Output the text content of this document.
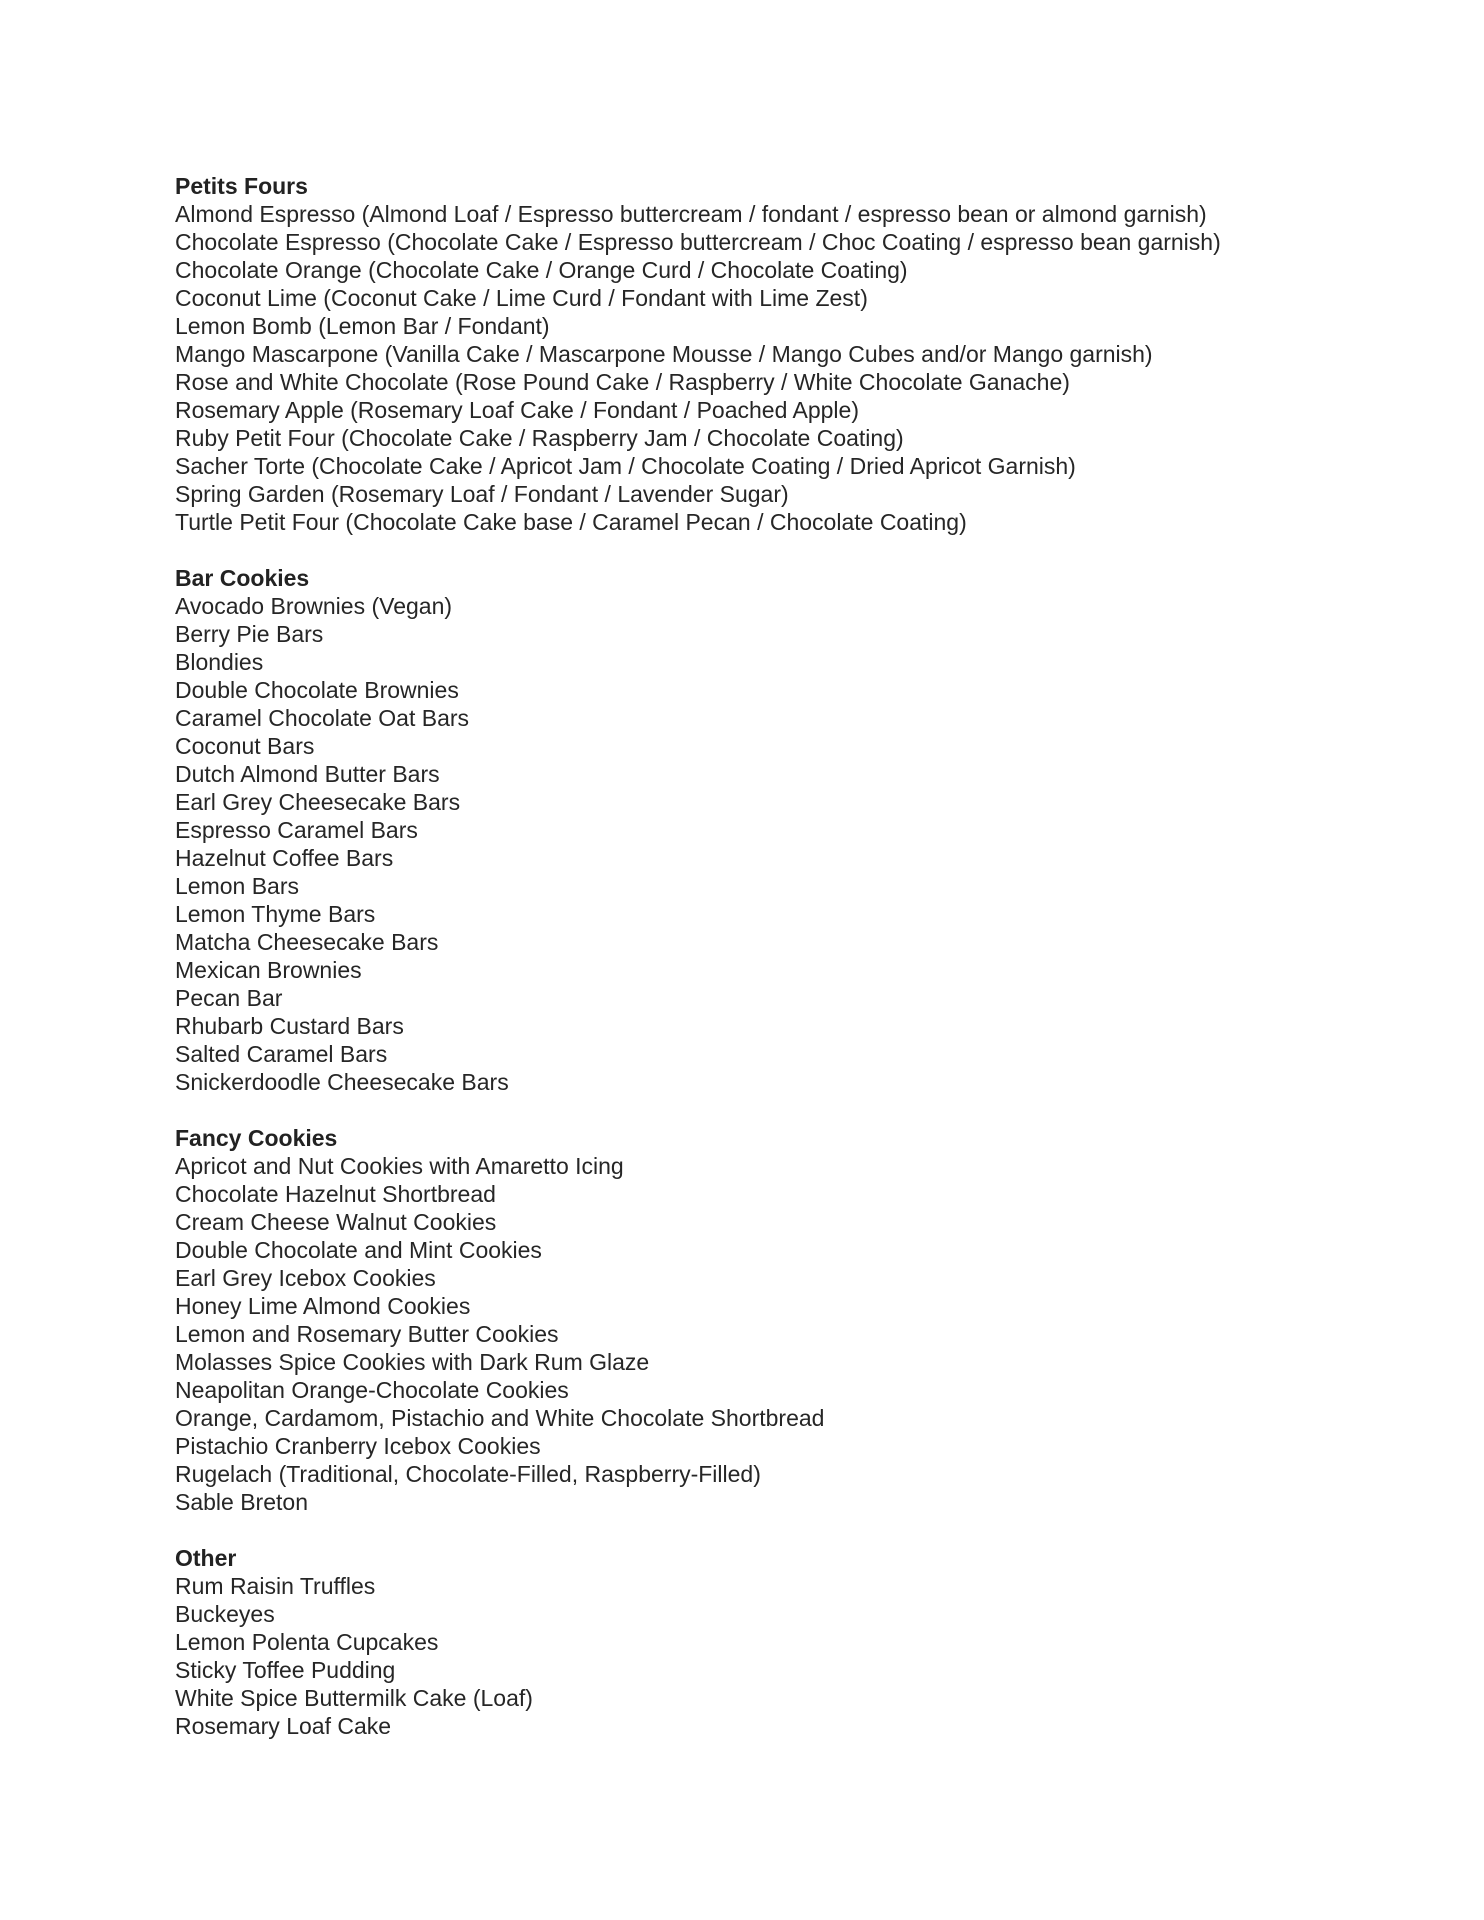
Petits Fours
Almond Espresso (Almond Loaf / Espresso buttercream / fondant / espresso bean or almond garnish)
Chocolate Espresso (Chocolate Cake / Espresso buttercream / Choc Coating / espresso bean garnish)
Chocolate Orange (Chocolate Cake / Orange Curd / Chocolate Coating)
Coconut Lime (Coconut Cake / Lime Curd / Fondant with Lime Zest)
Lemon Bomb (Lemon Bar / Fondant)
Mango Mascarpone (Vanilla Cake / Mascarpone Mousse / Mango Cubes and/or Mango garnish)
Rose and White Chocolate (Rose Pound Cake / Raspberry / White Chocolate Ganache)
Rosemary Apple (Rosemary Loaf Cake / Fondant / Poached Apple)
Ruby Petit Four (Chocolate Cake / Raspberry Jam / Chocolate Coating)
Sacher Torte (Chocolate Cake / Apricot Jam / Chocolate Coating / Dried Apricot Garnish)
Spring Garden (Rosemary Loaf / Fondant / Lavender Sugar)
Turtle Petit Four (Chocolate Cake base / Caramel Pecan / Chocolate Coating)
Bar Cookies
Avocado Brownies (Vegan)
Berry Pie Bars
Blondies
Double Chocolate Brownies
Caramel Chocolate Oat Bars
Coconut Bars
Dutch Almond Butter Bars
Earl Grey Cheesecake Bars
Espresso Caramel Bars
Hazelnut Coffee Bars
Lemon Bars
Lemon Thyme Bars
Matcha Cheesecake Bars
Mexican Brownies
Pecan Bar
Rhubarb Custard Bars
Salted Caramel Bars
Snickerdoodle Cheesecake Bars
Fancy Cookies
Apricot and Nut Cookies with Amaretto Icing
Chocolate Hazelnut Shortbread
Cream Cheese Walnut Cookies
Double Chocolate and Mint Cookies
Earl Grey Icebox Cookies
Honey Lime Almond Cookies
Lemon and Rosemary Butter Cookies
Molasses Spice Cookies with Dark Rum Glaze
Neapolitan Orange-Chocolate Cookies
Orange, Cardamom, Pistachio and White Chocolate Shortbread
Pistachio Cranberry Icebox Cookies
Rugelach (Traditional, Chocolate-Filled, Raspberry-Filled)
Sable Breton
Other
Rum Raisin Truffles
Buckeyes
Lemon Polenta Cupcakes
Sticky Toffee Pudding
White Spice Buttermilk Cake (Loaf)
Rosemary Loaf Cake
